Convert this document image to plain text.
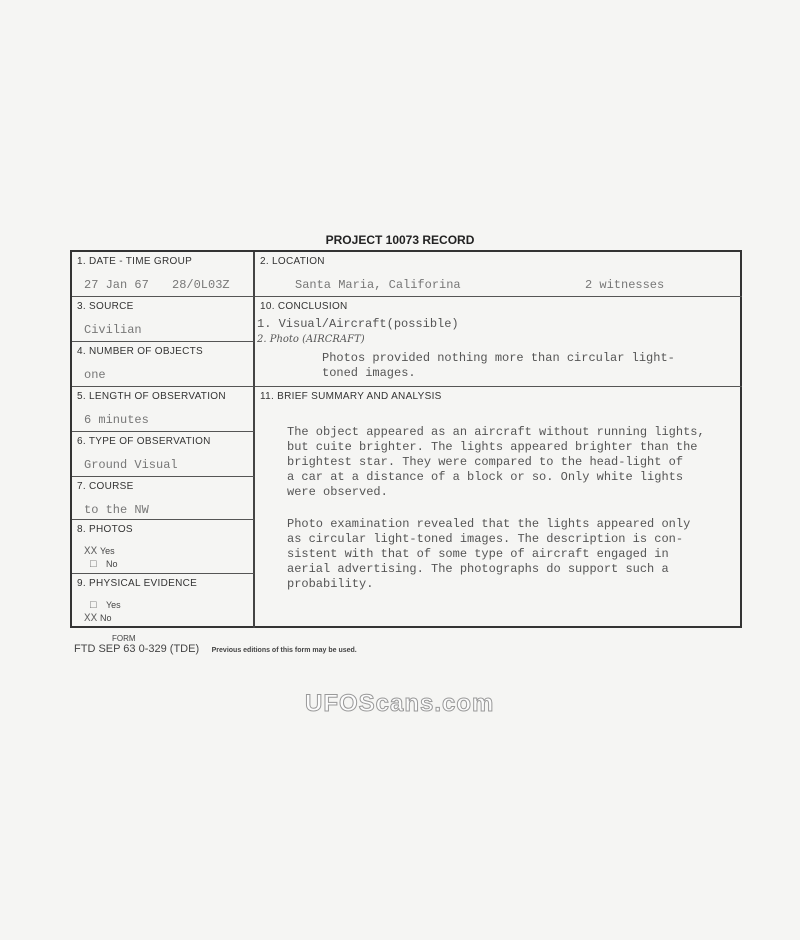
PROJECT 10073 RECORD
1. DATE - TIME GROUP
27 Jan 67 28/0L03Z
2. LOCATION
Santa Maria, Califorina	2 witnesses
3. SOURCE
Civilian
10. CONCLUSION
1. Visual/Aircraft(possible)
2. Photo (AIRCRAFT)
Photos provided nothing more than circular light-
toned images.
4. NUMBER OF OBJECTS
one
5. LENGTH OF OBSERVATION
6 minutes
11. BRIEF SUMMARY AND ANALYSIS
The object appeared as an aircraft without running lights,
but cuite brighter. The lights appeared brighter than the
brightest star. They were compared to the head-light of
a car at a distance of a block or so. Only white lights
were observed.
Photo examination revealed that the lights appeared only
as circular light-toned images. The description is con-
sistent with that of some type of aircraft engaged in
aerial advertising. The photographs do support such a
probability.
6. TYPE OF OBSERVATION
Ground Visual
7. COURSE
to the NW
8. PHOTOS
XX Yes
□ No
9. PHYSICAL EVIDENCE
□ Yes
XX No
UFOScans.com
FORM
FTD SEP 63 0-329 (TDE) Previous editions of this form may be used.
